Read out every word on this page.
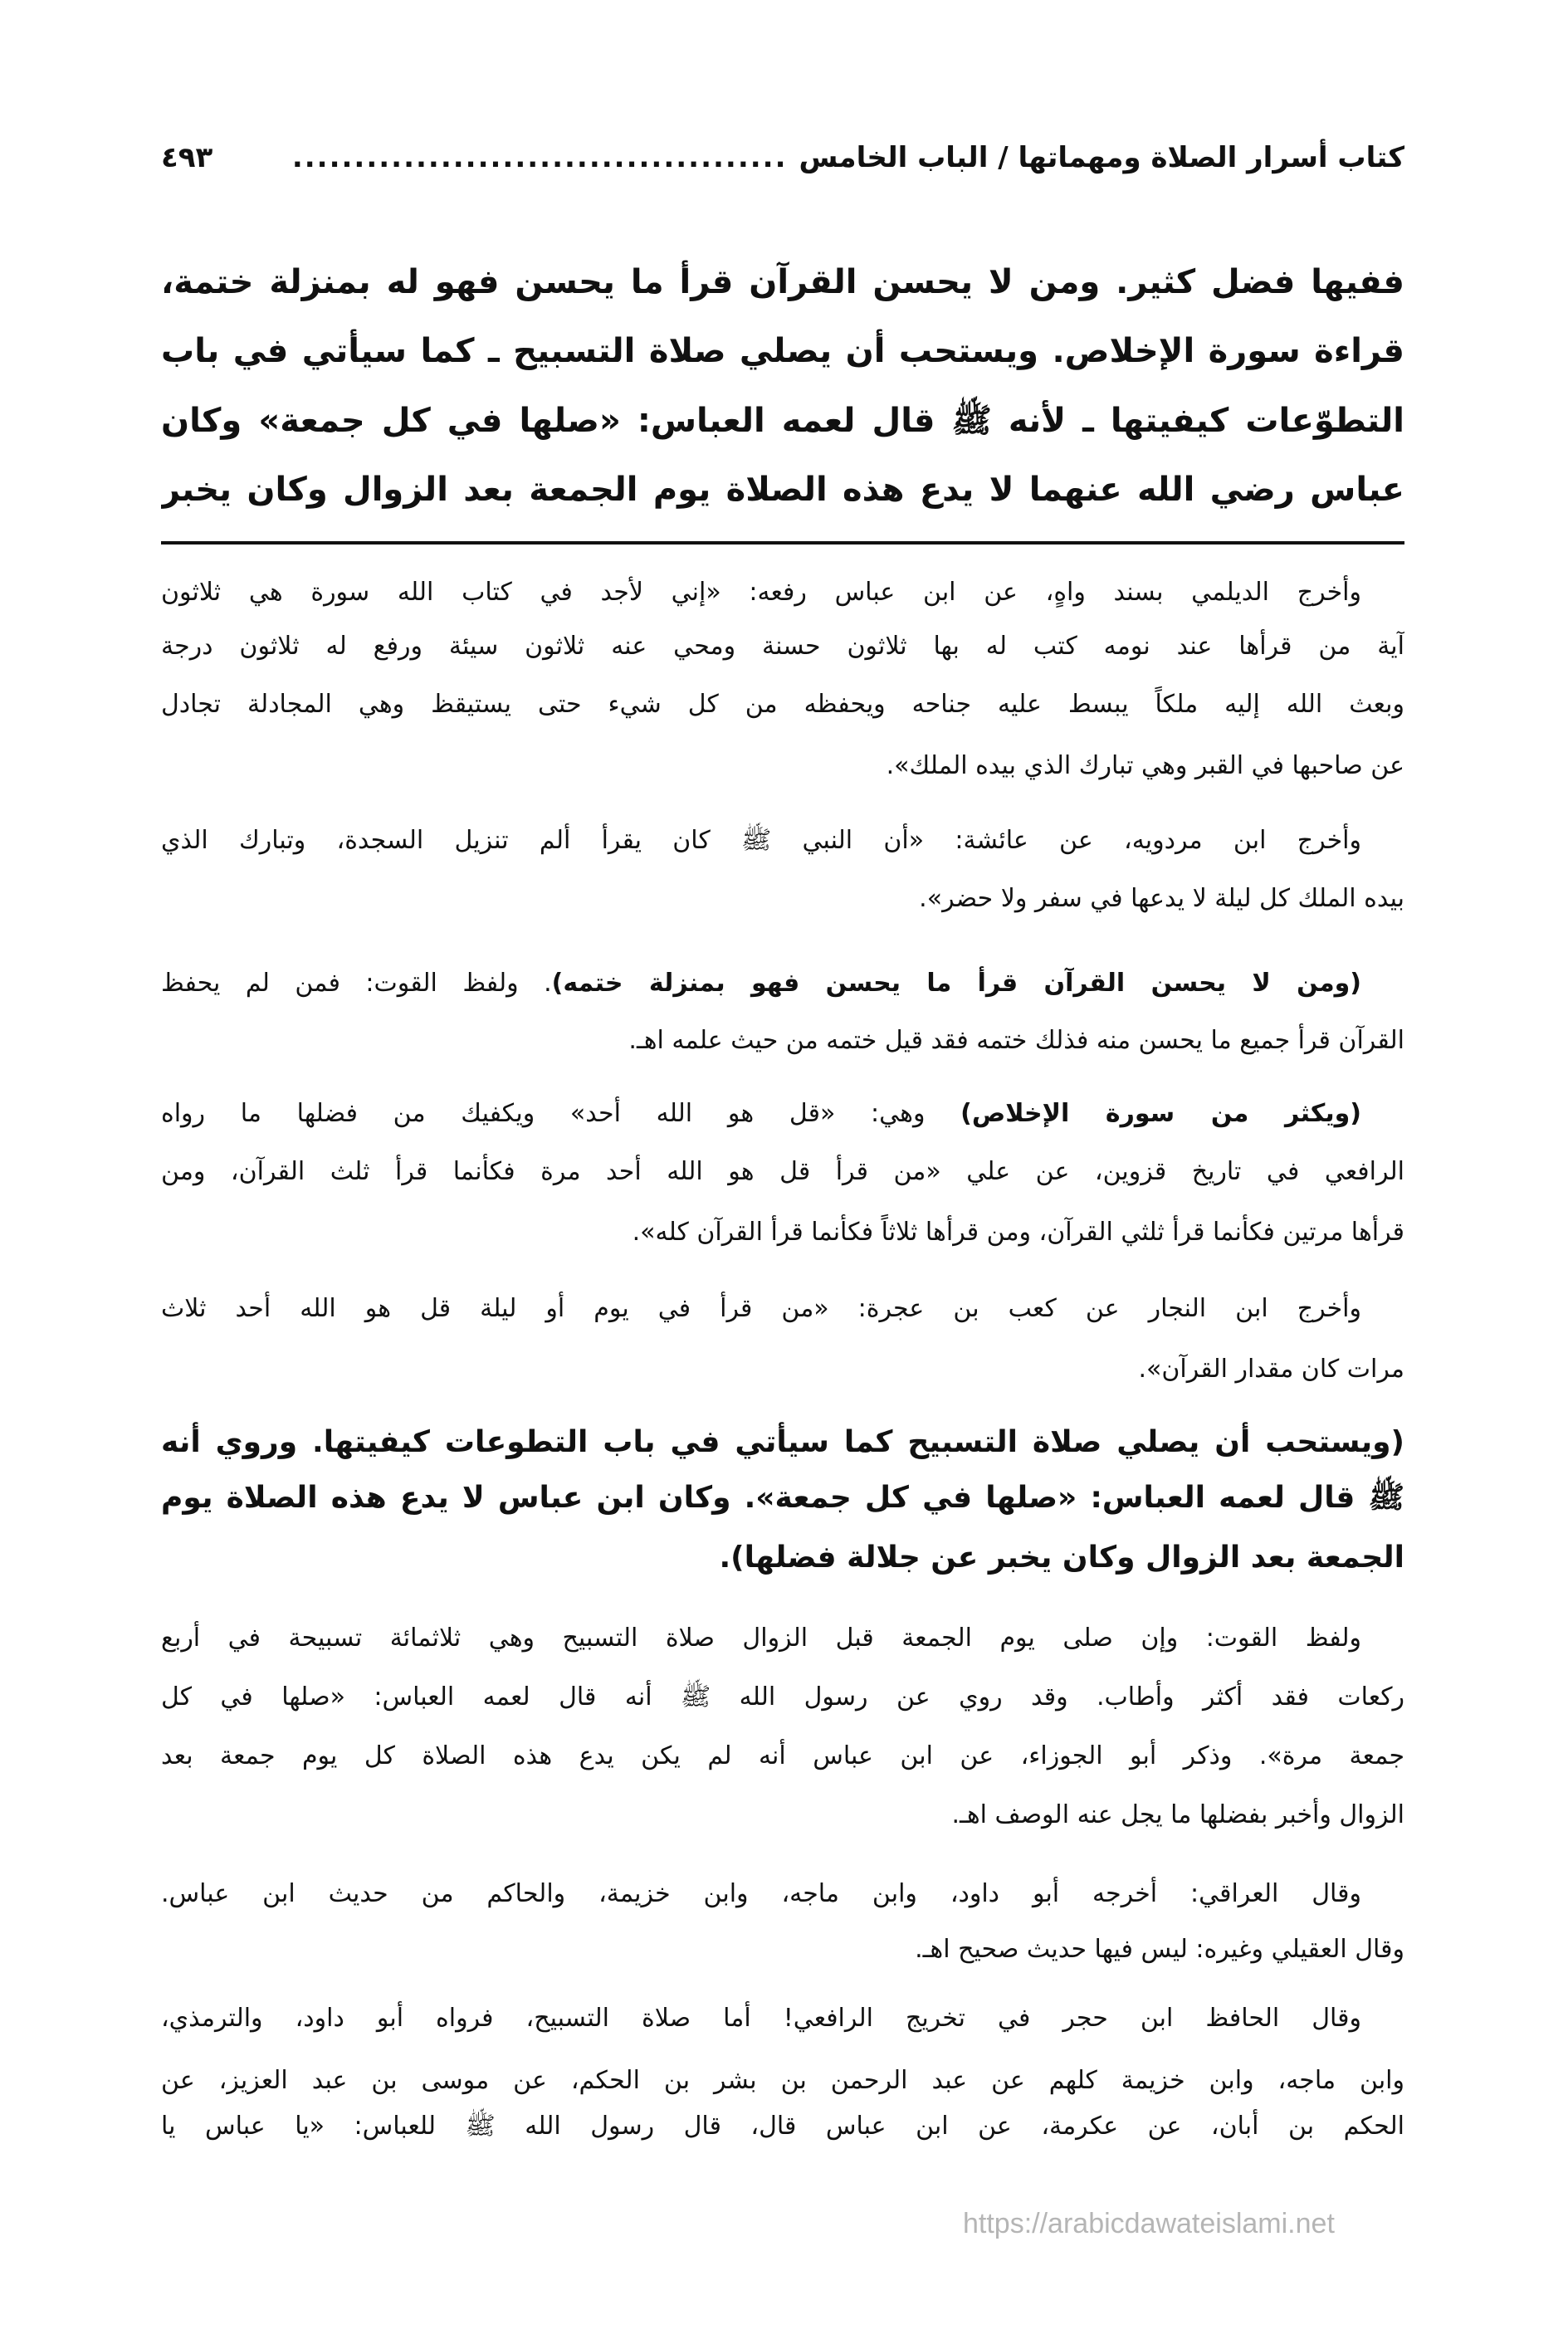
كتاب أسرار الصلاة ومهماتها / الباب الخامس
........................................
٤٩٣
ففيها فضل كثير. ومن لا يحسن القرآن قرأ ما يحسن فهو له بمنزلة ختمة،
قراءة سورة الإخلاص. ويستحب أن يصلي صلاة التسبيح ـ كما سيأتي في باب
التطوّعات كيفيتها ـ لأنه ﷺ قال لعمه العباس: «صلها في كل جمعة» وكان
عباس رضي الله عنهما لا يدع هذه الصلاة يوم الجمعة بعد الزوال وكان يخبر
وأخرج الديلمي بسند واهٍ، عن ابن عباس رفعه: «إني لأجد في كتاب الله سورة هي ثلاثون
آية من قرأها عند نومه كتب له بها ثلاثون حسنة ومحي عنه ثلاثون سيئة ورفع له ثلاثون درجة
وبعث الله إليه ملكاً يبسط عليه جناحه ويحفظه من كل شيء حتى يستيقظ وهي المجادلة تجادل
عن صاحبها في القبر وهي تبارك الذي بيده الملك».
وأخرج ابن مردويه، عن عائشة: «أن النبي ﷺ كان يقرأ ألم تنزيل السجدة، وتبارك الذي
بيده الملك كل ليلة لا يدعها في سفر ولا حضر».
(ومن لا يحسن القرآن قرأ ما يحسن فهو بمنزلة ختمه). ولفظ القوت: فمن لم يحفظ
القرآن قرأ جميع ما يحسن منه فذلك ختمه فقد قيل ختمه من حيث علمه اهـ.
(ويكثر من سورة الإخلاص) وهي: «قل هو الله أحد» ويكفيك من فضلها ما رواه
الرافعي في تاريخ قزوين، عن علي «من قرأ قل هو الله أحد مرة فكأنما قرأ ثلث القرآن، ومن
قرأها مرتين فكأنما قرأ ثلثي القرآن، ومن قرأها ثلاثاً فكأنما قرأ القرآن كله».
وأخرج ابن النجار عن كعب بن عجرة: «من قرأ في يوم أو ليلة قل هو الله أحد ثلاث
مرات كان مقدار القرآن».
(ويستحب أن يصلي صلاة التسبيح كما سيأتي في باب التطوعات كيفيتها. وروي أنه
ﷺ قال لعمه العباس: «صلها في كل جمعة». وكان ابن عباس لا يدع هذه الصلاة يوم
الجمعة بعد الزوال وكان يخبر عن جلالة فضلها).
ولفظ القوت: وإن صلى يوم الجمعة قبل الزوال صلاة التسبيح وهي ثلاثمائة تسبيحة في أربع
ركعات فقد أكثر وأطاب. وقد روي عن رسول الله ﷺ أنه قال لعمه العباس: «صلها في كل
جمعة مرة». وذكر أبو الجوزاء، عن ابن عباس أنه لم يكن يدع هذه الصلاة كل يوم جمعة بعد
الزوال وأخبر بفضلها ما يجل عنه الوصف اهـ.
وقال العراقي: أخرجه أبو داود، وابن ماجه، وابن خزيمة، والحاكم من حديث ابن عباس.
وقال العقيلي وغيره: ليس فيها حديث صحيح اهـ.
وقال الحافظ ابن حجر في تخريج الرافعي! أما صلاة التسبيح، فرواه أبو داود، والترمذي،
وابن ماجه، وابن خزيمة كلهم عن عبد الرحمن بن بشر بن الحكم، عن موسى بن عبد العزيز، عن
الحكم بن أبان، عن عكرمة، عن ابن عباس قال، قال رسول الله ﷺ للعباس: «يا عباس يا
https://arabicdawateislami.net
